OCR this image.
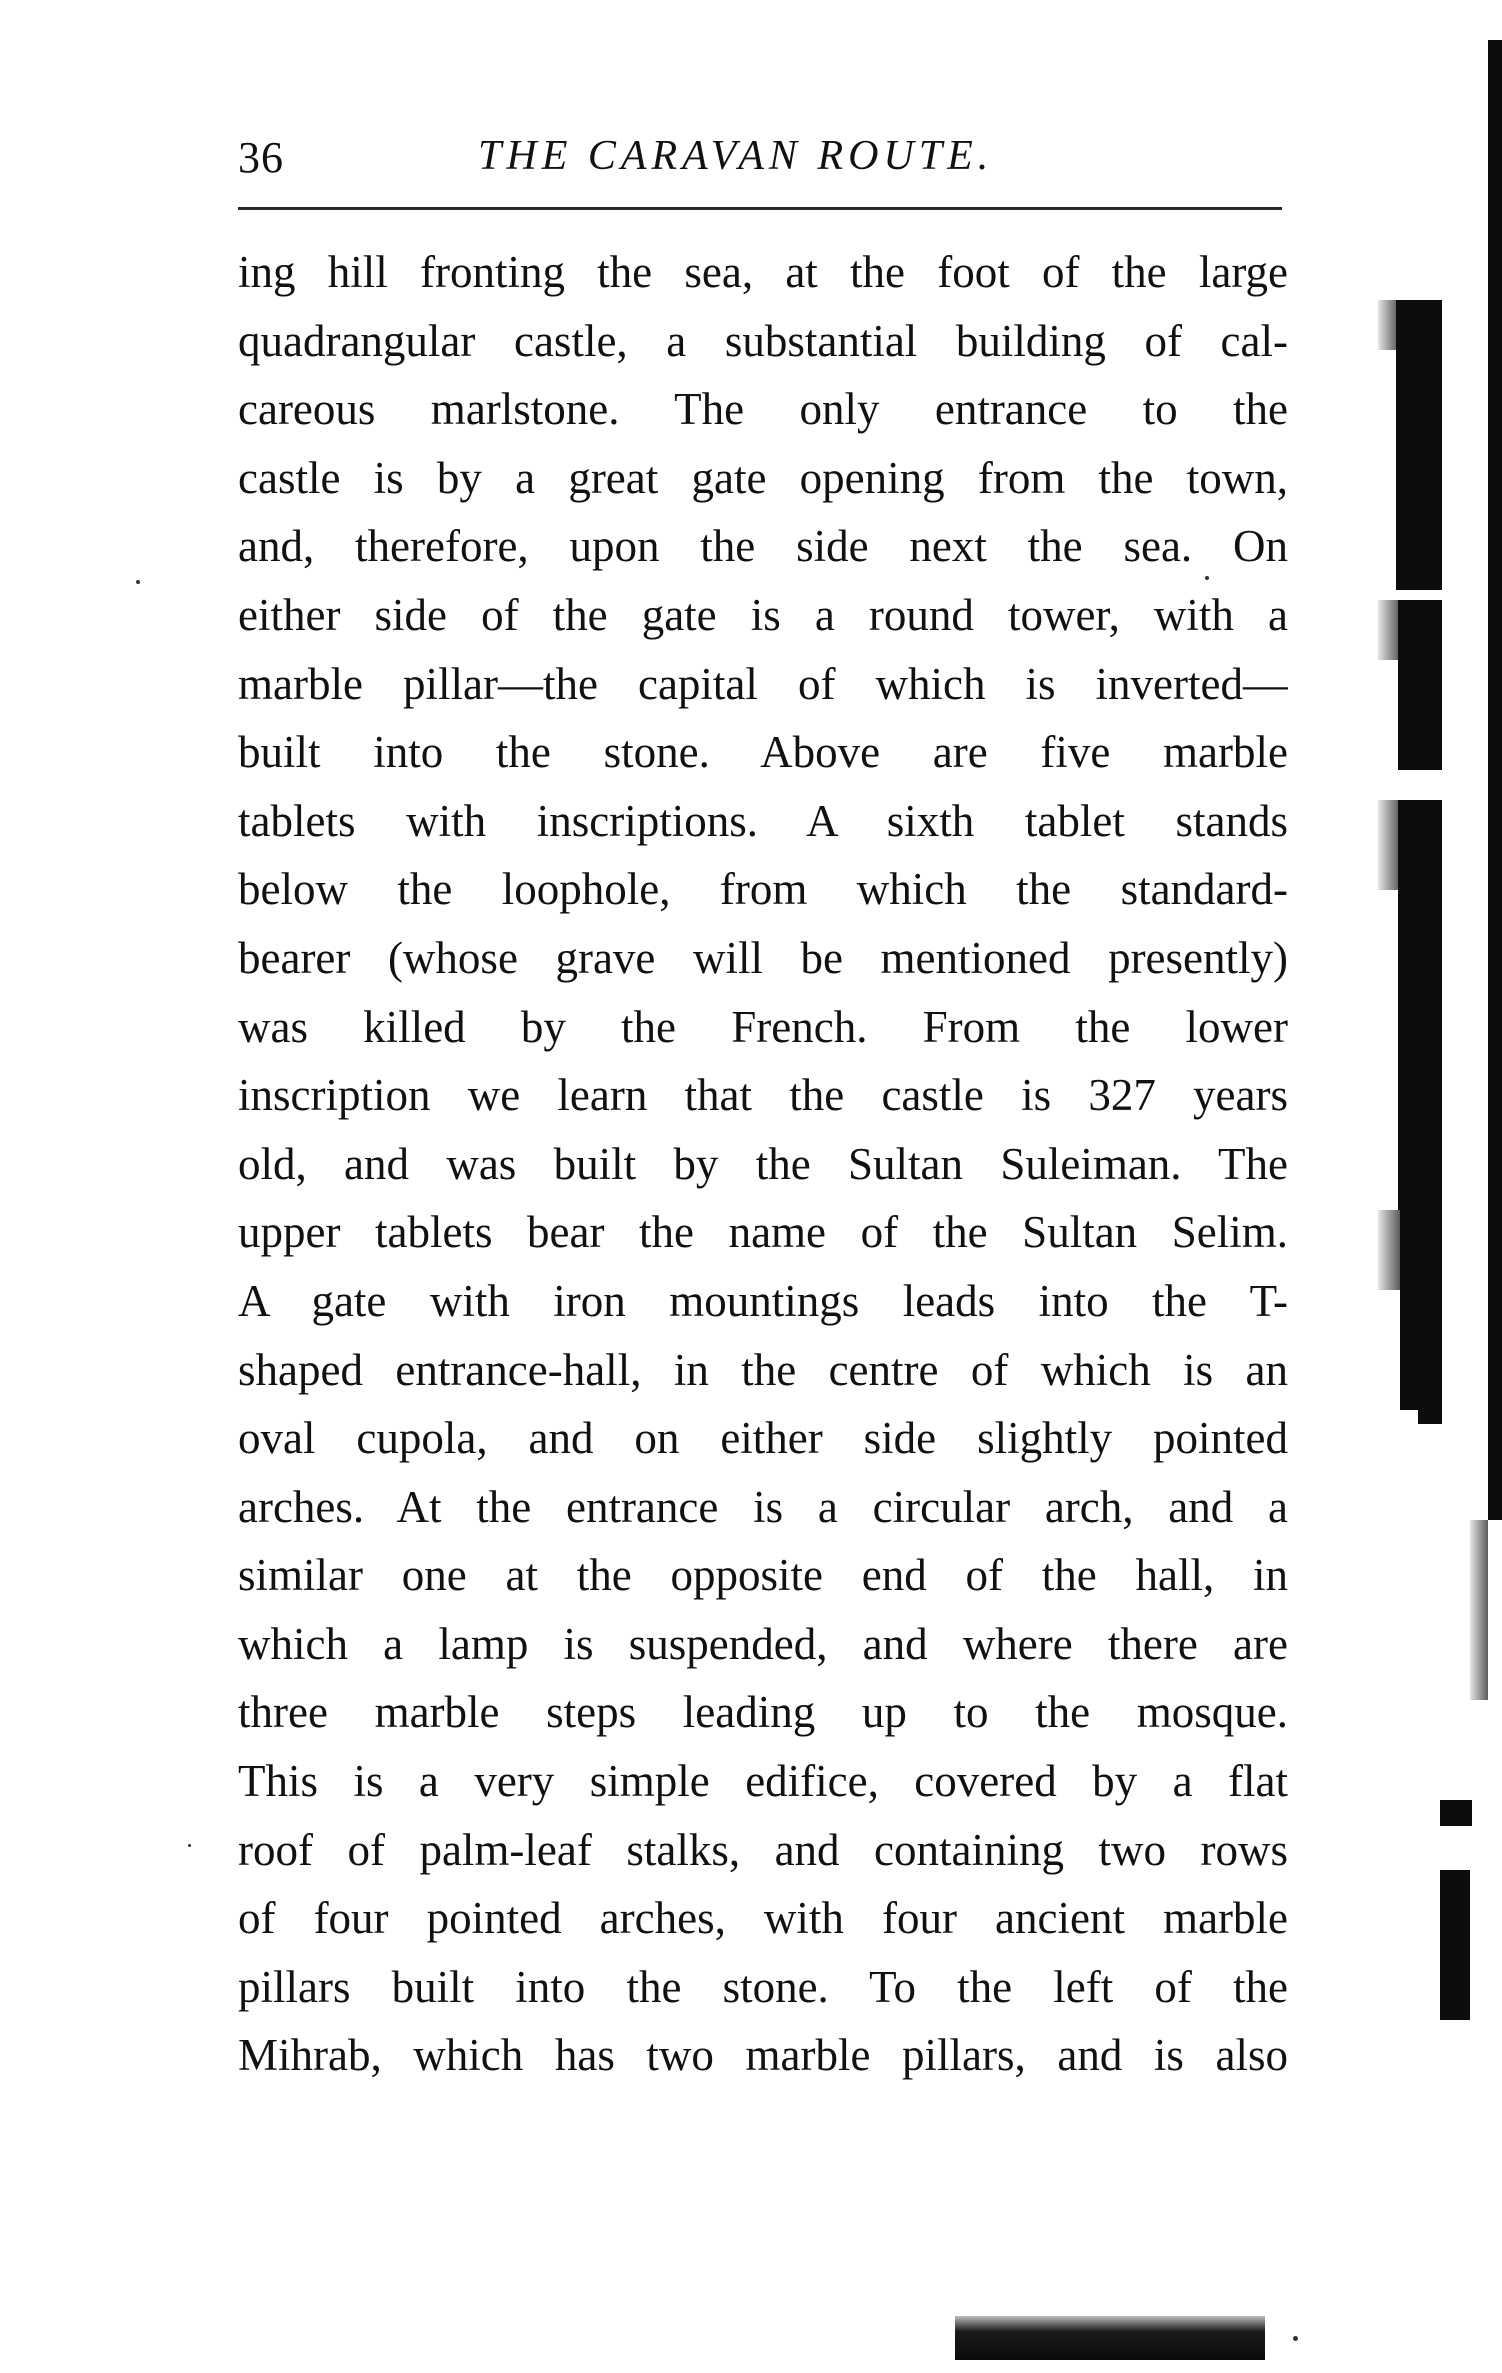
36	THE CARAVAN ROUTE.
ing hill fronting the sea, at the foot of the large
quadrangular castle, a substantial building of cal-
careous marlstone. The only entrance to the
castle is by a great gate opening from the town,
and, therefore, upon the side next the sea. On
either side of the gate is a round tower, with a
marble pillar—the capital of which is inverted—
built into the stone. Above are five marble
tablets with inscriptions. A sixth tablet stands
below the loophole, from which the standard-
bearer (whose grave will be mentioned presently)
was killed by the French. From the lower
inscription we learn that the castle is 327 years
old, and was built by the Sultan Suleiman. The
upper tablets bear the name of the Sultan Selim.
A gate with iron mountings leads into the T-
shaped entrance-hall, in the centre of which is an
oval cupola, and on either side slightly pointed
arches. At the entrance is a circular arch, and a
similar one at the opposite end of the hall, in
which a lamp is suspended, and where there are
three marble steps leading up to the mosque.
This is a very simple edifice, covered by a flat
roof of palm-leaf stalks, and containing two rows
of four pointed arches, with four ancient marble
pillars built into the stone. To the left of the
Mihrab, which has two marble pillars, and is also
